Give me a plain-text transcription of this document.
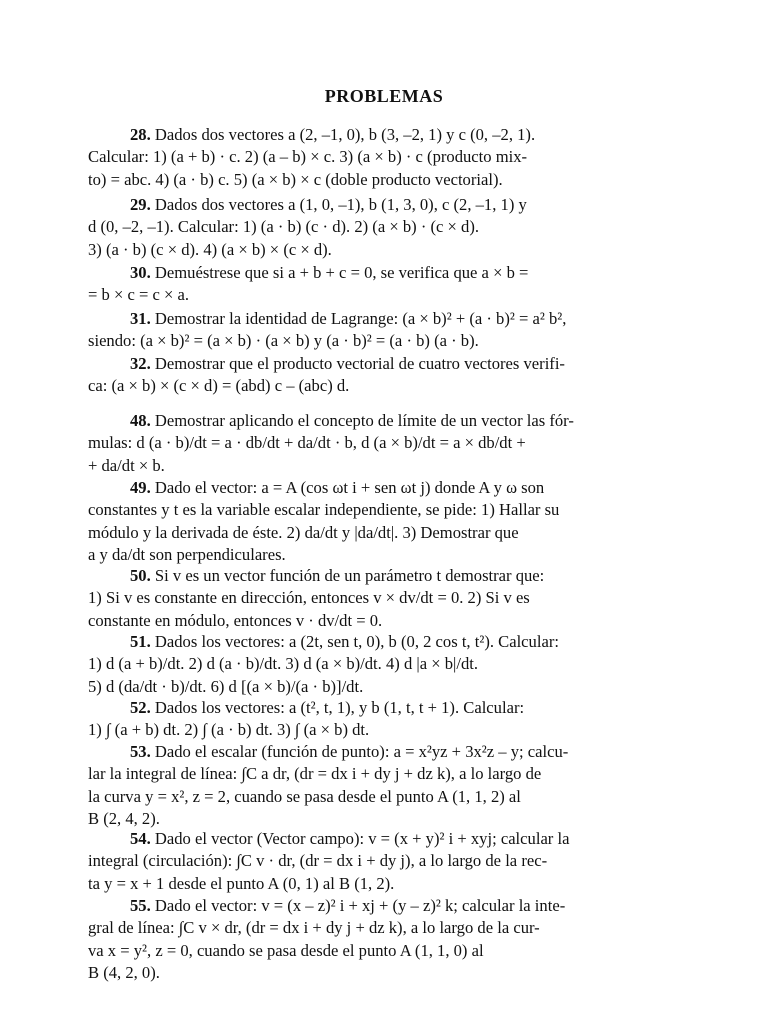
PROBLEMAS
28. Dados dos vectores a (2, –1, 0), b (3, –2, 1) y c (0, –2, 1).
Calcular: 1) (a + b) · c. 2) (a – b) × c. 3) (a × b) · c (producto mix-
to) = abc. 4) (a · b) c. 5) (a × b) × c (doble producto vectorial).
29. Dados dos vectores a (1, 0, –1), b (1, 3, 0), c (2, –1, 1) y
d (0, –2, –1). Calcular: 1) (a · b) (c · d). 2) (a × b) · (c × d).
3) (a · b) (c × d). 4) (a × b) × (c × d).
30. Demuéstrese que si a + b + c = 0, se verifica que a × b =
= b × c = c × a.
31. Demostrar la identidad de Lagrange: (a × b)² + (a · b)² = a² b²,
siendo: (a × b)² = (a × b) · (a × b) y (a · b)² = (a · b) (a · b).
32. Demostrar que el producto vectorial de cuatro vectores verifi-
ca: (a × b) × (c × d) = (abd) c – (abc) d.
48. Demostrar aplicando el concepto de límite de un vector las fór-
mulas: d (a · b)/dt = a · db/dt + da/dt · b, d (a × b)/dt = a × db/dt +
+ da/dt × b.
49. Dado el vector: a = A (cos ωt i + sen ωt j) donde A y ω son
constantes y t es la variable escalar independiente, se pide: 1) Hallar su
módulo y la derivada de éste. 2) da/dt y |da/dt|. 3) Demostrar que
a y da/dt son perpendiculares.
50. Si v es un vector función de un parámetro t demostrar que:
1) Si v es constante en dirección, entonces v × dv/dt = 0. 2) Si v es
constante en módulo, entonces v · dv/dt = 0.
51. Dados los vectores: a (2t, sen t, 0), b (0, 2 cos t, t²). Calcular:
1) d (a + b)/dt. 2) d (a · b)/dt. 3) d (a × b)/dt. 4) d |a × b|/dt.
5) d (da/dt · b)/dt. 6) d [(a × b)/(a · b)]/dt.
52. Dados los vectores: a (t², t, 1), y b (1, t, t + 1). Calcular:
1) ∫ (a + b) dt. 2) ∫ (a · b) dt. 3) ∫ (a × b) dt.
53. Dado el escalar (función de punto): a = x²yz + 3x²z – y; calcu-
lar la integral de línea: ∫C a dr, (dr = dx i + dy j + dz k), a lo largo de
la curva y = x², z = 2, cuando se pasa desde el punto A (1, 1, 2) al
B (2, 4, 2).
54. Dado el vector (Vector campo): v = (x + y)² i + xyj; calcular la
integral (circulación): ∫C v · dr, (dr = dx i + dy j), a lo largo de la rec-
ta y = x + 1 desde el punto A (0, 1) al B (1, 2).
55. Dado el vector: v = (x – z)² i + xj + (y – z)² k; calcular la inte-
gral de línea: ∫C v × dr, (dr = dx i + dy j + dz k), a lo largo de la cur-
va x = y², z = 0, cuando se pasa desde el punto A (1, 1, 0) al
B (4, 2, 0).
